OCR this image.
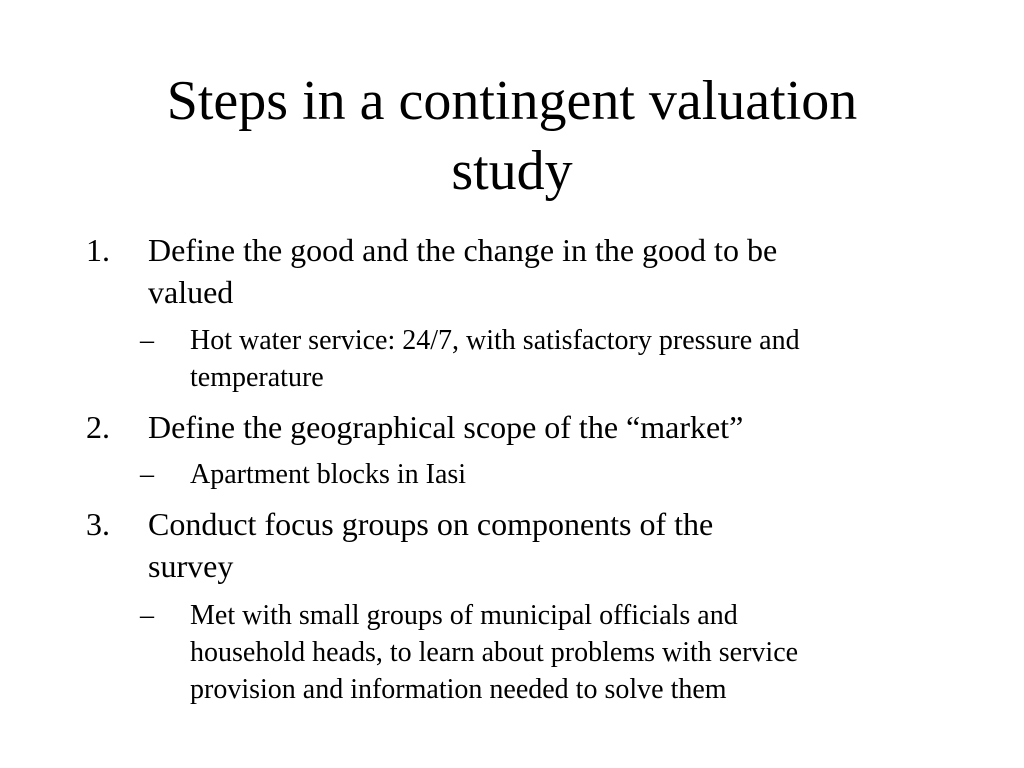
Steps in a contingent valuation
study
1. Define the good and the change in the good to be
valued
– Hot water service: 24/7, with satisfactory pressure and
temperature
2. Define the geographical scope of the “market”
– Apartment blocks in Iasi
3. Conduct focus groups on components of the
survey
– Met with small groups of municipal officials and
household heads, to learn about problems with service
provision and information needed to solve them
